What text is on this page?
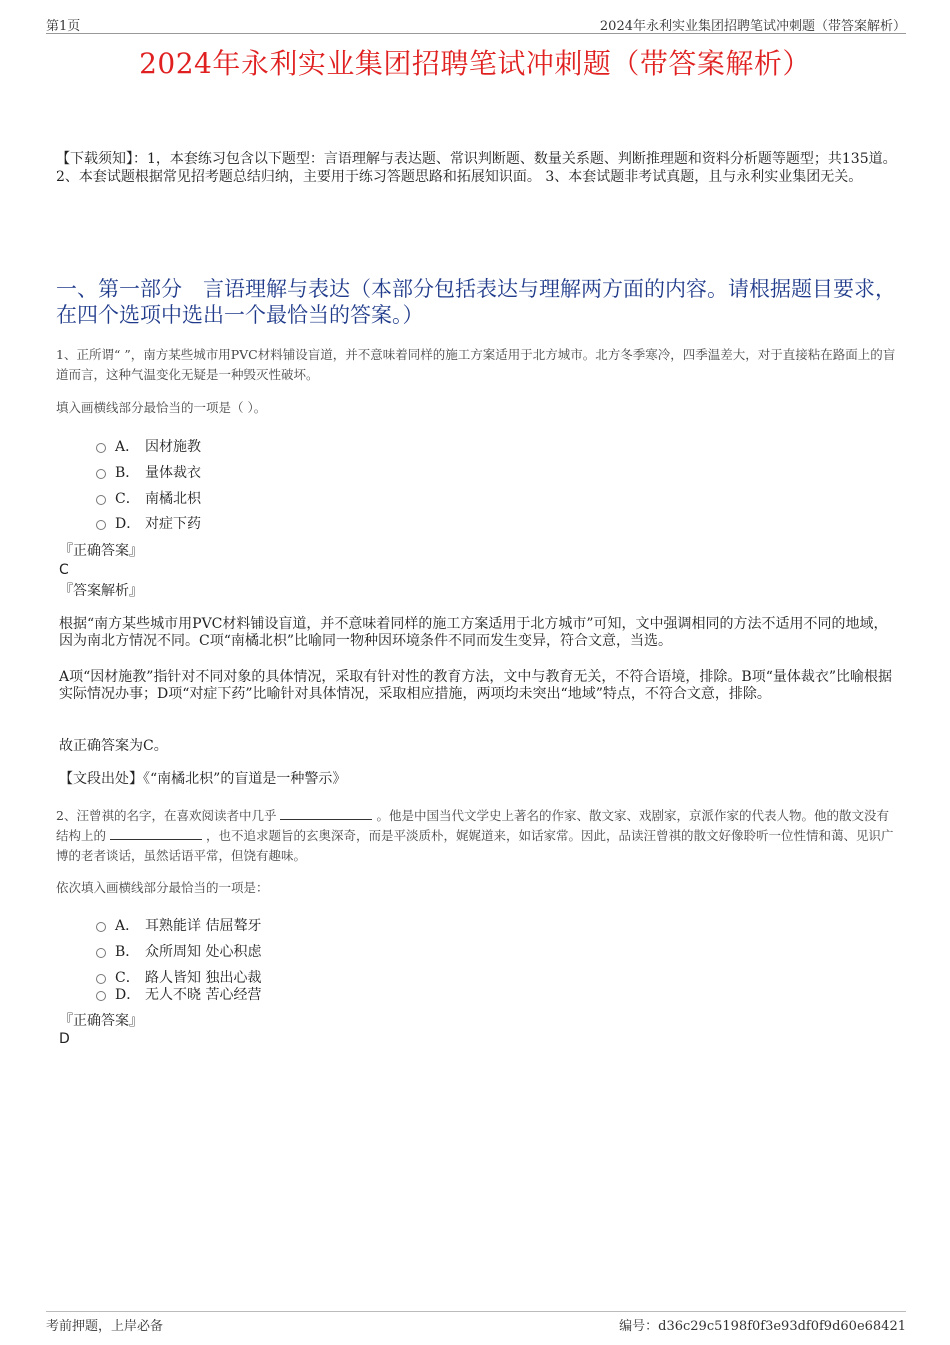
第1页	2024年永利实业集团招聘笔试冲刺题（带答案解析）
2024年永利实业集团招聘笔试冲刺题（带答案解析）
【下载须知】：1，本套练习包含以下题型：言语理解与表达题、常识判断题、数量关系题、判断推理题和资料分析题等题型；共135道。 2、本套试题根据常见招考题总结归纳，主要用于练习答题思路和拓展知识面。 3、本套试题非考试真题，且与永利实业集团无关。
一、第一部分　言语理解与表达（本部分包括表达与理解两方面的内容。请根据题目要求，在四个选项中选出一个最恰当的答案。）
1、正所谓“ ”，南方某些城市用PVC材料铺设盲道，并不意味着同样的施工方案适用于北方城市。北方冬季寒冷，四季温差大，对于直接粘在路面上的盲道而言，这种气温变化无疑是一种毁灭性破坏。
填入画横线部分最恰当的一项是（ ）。
A． 因材施教
B． 量体裁衣
C． 南橘北枳
D． 对症下药
『正确答案』
C
『答案解析』
根据“南方某些城市用PVC材料铺设盲道，并不意味着同样的施工方案适用于北方城市”可知，文中强调相同的方法不适用不同的地域，因为南北方情况不同。C项“南橘北枳”比喻同一物种因环境条件不同而发生变异，符合文意，当选。
A项“因材施教”指针对不同对象的具体情况，采取有针对性的教育方法，文中与教育无关，不符合语境，排除。B项“量体裁衣”比喻根据实际情况办事；D项“对症下药”比喻针对具体情况，采取相应措施，两项均未突出“地域”特点，不符合文意，排除。
故正确答案为C。
【文段出处】《“南橘北枳”的盲道是一种警示》
2、汪曾祺的名字，在喜欢阅读者中几乎	。他是中国当代文学史上著名的作家、散文家、戏剧家，京派作家的代表人物。他的散文没有结构上的	，也不追求题旨的玄奥深奇，而是平淡质朴，娓娓道来，如话家常。因此，品读汪曾祺的散文好像聆听一位性情和蔼、见识广博的老者谈话，虽然话语平常，但饶有趣味。
依次填入画横线部分最恰当的一项是：
A． 耳熟能详 佶屈聱牙
B． 众所周知 处心积虑
C． 路人皆知 独出心裁
D． 无人不晓 苦心经营
『正确答案』
D
考前押题，上岸必备	编号：d36c29c5198f0f3e93df0f9d60e68421
